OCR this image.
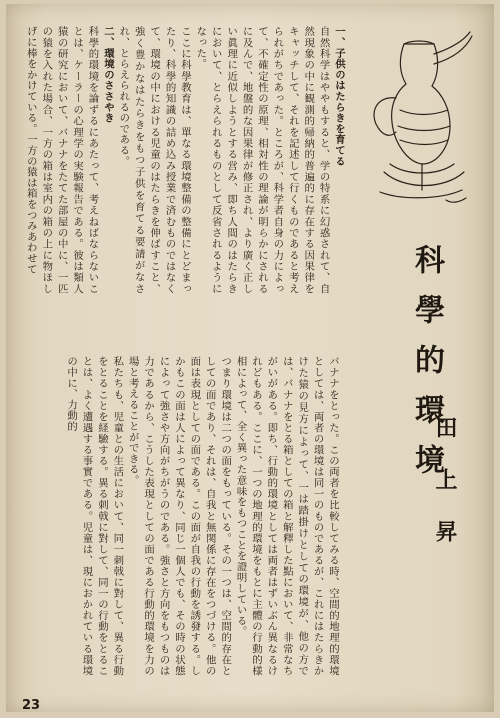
一、子供のはたらきを育てる

自然科学はややもすると、学の特系に幻惑されて、自然現象の中に観測的帰納的普遍的に存在する因果律をキャッチして、それを記述して行くものであると考えられがちであった。ところが、科学者自身の力によって、不確定性の原理、相対性の理論が明らかにされるに及んで、地盤的な因果律が修正され、より廣く正しい眞理に近似しようとする営み、即ち人間のはたらきにおいて、とらえられるものとして反省されるようになった。

ここに科學教育は、單なる環境整備の整備にとどまったり、科學的知識の詰め込み授業で済むものではなくて、環境の中における児童のはたらきを伸ばすこと、強く豊かなはたらきをもつ子供を育てる要請がなされ、とらえられるのである。

二、環境のささやき

科學的環境を論ずるにあたって、考えねばならないことは、ケーラーの心理学の実験報告である。彼は類人猿の研究において、バナナをたてた部屋の中に、一匹の猿を入れた場合、一方の箱は室内の箱の上に物ほしげに棒をかけている。一方の猿は箱をつみあわせて

科學的環境
田上昇

バナナをとった。この両者を比較してみる時、空間的地理的環境としては、両者の環境は同一のものであるが、これにはたらきかけた猿の見方によって、一は踏掛けとしての環境が、他の方では、バナナをとる箱としての箱と解釋した點において、非常なちがいがある。即ち、行動的環境としては両者はずいぶん異なるけれどもある。ここに、一つの地理的環境をもとに主體の行動的様相によって、全く異った意味をもつことを證明している。

つまり環境は二つの面をもっている。その一つは、空間的存在としての面であり、それは、自我と無関係に存在をつづける。他の面は表現としての面である。この面が自我の行動を誘發する。しかもこの面は人によって異なり、同じ一個人でも、その時の状態によって強さや方向がちがうのである。強さと方向をもつものは力であるから、こうした表現としての面である行動的環境を力の場と考えることができる。

私たちも、児童との生活において、同一刺戟に對して、異る行動をとることを経驗する。異る刺戟に對して、同一の行動をとることは、よく遭遇する事實である。児童は、現におかれている環境の中に、力動的

23
